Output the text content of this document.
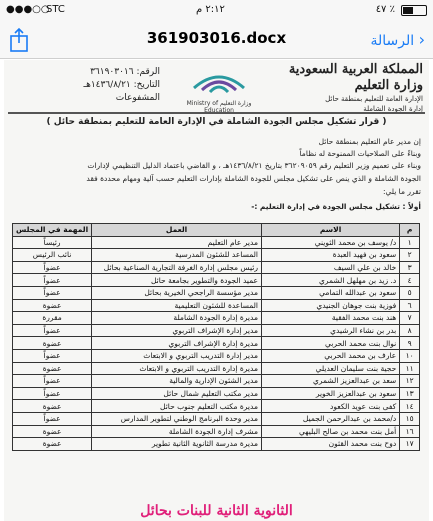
●●●○○
STC	٢:١٢ م	٤٧ ٪
361903016.docx	الرسالة ›
المملكة العربية السعودية
وزارة التعليم
الإدارة العامة للتعليم بمنطقة حائل
إدارة الجودة الشاملة
وزارة التعليم Ministry of Education
الرقم: ٣٦١٩٠٣٠١٦
التاريخ: ١٤٣٦/٨/٢١هـ
المشفوعات
( قرار تشكيل مجلس الجودة الشاملة في الإدارة العامة للتعليم بمنطقة حائل )
إن مدير عام التعليم بمنطقة حائل
وبناءً على الصلاحيات الممنوحة له نظاماً
وبناء على تعميم وزير التعليم رقم ٣٦٢٠٩٠٥٩ بتاريخ ١٤٣٦/٨/٢١هـ ، و القاضي باعتماد الدليل التنظيمي لإدارات
الجودة الشاملة و الذي ينص على تشكيل مجلس للجودة الشاملة بإدارات التعليم حسب آلية ومهام محددة فقد
تقرر ما يلي:
أولاً : تشكيل مجلس الجودة في إدارة التعليم :-
م	الاسم	العمل	المهمة في المجلس
١	د/ يوسف بن محمد الثويني	مدير عام التعليم	رئيساً
٢	سعود بن فهيد العبدة	المساعد للشئون المدرسية	نائب الرئيس
٣	خالد بن علي السيف	رئيس مجلس إدارة الغرفة التجارية الصناعية بحائل	عضواً
٤	د. زيد بن مهلهل الشمري	عميد الجودة والتطوير بجامعة حائل	عضواً
٥	سعود بن عبدالله التمامي	مدير مؤسسة الراجحي الخيرية بحائل	عضواً
٦	فوزية بنت جوهان الجنيدي	المساعدة للشئون التعليمية	عضوة
٧	هند بنت محمد الفقية	مديرة إدارة الجودة الشاملة	مقررة
٨	بدر بن نشاء الرشيدي	مدير إدارة الإشراف التربوي	عضواً
٩	نوال بنت محمد الحربي	مديرة إدارة الإشراف التربوي	عضوة
١٠	عارف بن محمد الحربي	مدير إدارة التدريب التربوي و الابتعاث	عضواً
١١	حجية بنت سليمان العديلي	مديرة إدارة التدريب التربوي و الابتعاث	عضوة
١٢	سعد بن عبدالعزيز الشمري	مدير الشئون الإدارية والمالية	عضواً
١٣	سعود بن عبدالعزيز الخوير	مدير مكتب التعليم شمال حائل	عضواً
١٤	كفى بنت عويد الكعود	مديرة مكتب التعليم جنوب حائل	عضوة
١٥	د/محمد بن عبدالرحمن الجميل	مدير وحدة البرنامج الوطني لتطوير المدارس	عضواً
١٦	أمل بنت محمد بن صالح البليهي	مشرف إدارة الجودة الشاملة	عضوة
١٧	دوح بنت محمد القثون	مديرة مدرسة الثانوية الثانية تطوير	عضوة
الثانوية الثانية للبنات بحائل
